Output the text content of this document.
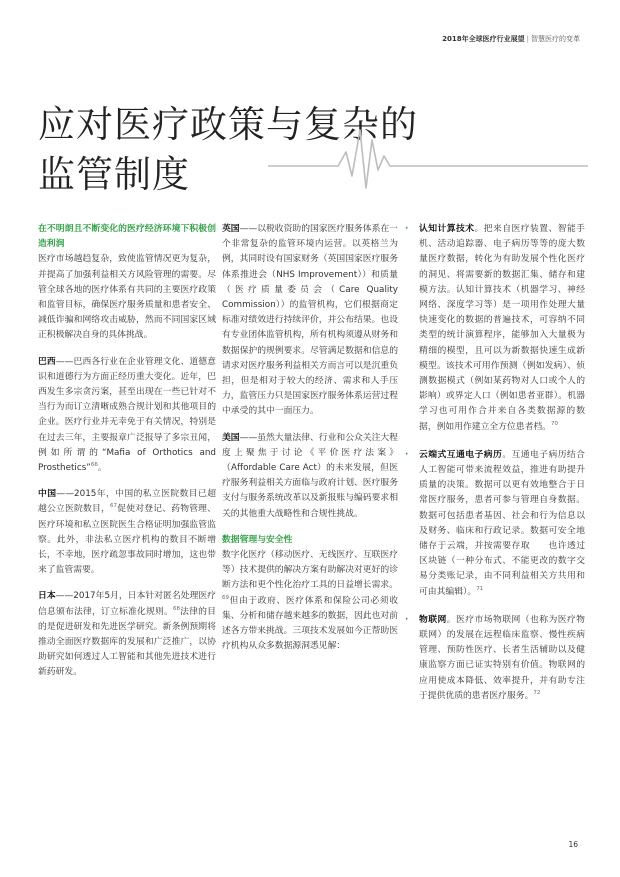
2018年全球医疗行业展望 | 智慧医疗的变革
应对医疗政策与复杂的
监管制度

在不明朗且不断变化的医疗经济环境下积极创造利润

医疗市场越趋复杂，致使监管情况更为复杂，并提高了加强利益相关方风险管理的需要。尽管全球各地的医疗体系有共同的主要医疗政策和监管目标，确保医疗服务质量和患者安全、减低诈骗和网络攻击威胁，然而不同国家区域正积极解决自身的具体挑战。

巴西——巴西各行业在企业管理文化、道德意识和道德行为方面正经历重大变化。近年，巴西发生多宗贪污案，甚至出现在一些已针对不当行为而订立清晰成熟合规计划和其他项目的企业。医疗行业并无幸免于有关情况，特别是在过去三年，主要报章广泛报导了多宗丑闻，例如所谓的“Mafia of Orthotics and Prosthetics”$^{66}$。

中国——2015年，中国的私立医院数目已超越公立医院数目，$^{67}$促使对登记、药物管理、医疗环境和私立医院医生合格证明加强监管监察。此外，非法私立医疗机构的数目不断增长，不幸地，医疗疏忽事故同时增加，这也带来了监管需要。

日本——2017年5月，日本针对匿名处理医疗信息颁布法律，订立标准化规则。$^{68}$法律的目的是促进研发和先进医学研究。新条例预期将推动全面医疗数据库的发展和广泛推广，以协助研究如何透过人工智能和其他先进技术进行新药研发。

英国——以税收资助的国家医疗服务体系在一个非常复杂的监管环境内运营。以英格兰为例，其同时设有国家财务（英国国家医疗服务体系推进会（NHS Improvement））和质量（医疗质量委员会（Care Quality Commission））的监管机构，它们根据商定标准对绩效进行持续评价，并公布结果。也设有专业团体监管机构，所有机构须遵从财务和数据保护的规例要求。尽管满足数据和信息的请求对医疗服务利益相关方而言可以是沉重负担，但是相对于较大的经济、需求和人手压力，监管压力只是国家医疗服务体系运营过程中承受的其中一面压力。

美国——虽然大量法律、行业和公众关注大程度上聚焦于讨论《平价医疗法案》（Affordable Care Act）的未来发展，但医疗服务利益相关方面临与政府计划、医疗服务支付与服务系统改革以及新报账与编码要求相关的其他重大战略性和合规性挑战。

数据管理与安全性

数字化医疗（移动医疗、无线医疗、互联医疗等）技术提供的解决方案有助解决对更好的诊断方法和更个性化治疗工具的日益增长需求。$^{69}$但由于政府、医疗体系和保险公司必须收集、分析和储存越来越多的数据，因此也对前述各方带来挑战。三项技术发展如今正帮助医疗机构从众多数据源洞悉见解：

· 认知计算技术。把来自医疗装置、智能手机、活动追踪器、电子病历等等的庞大数量医疗数据，转化为有助发展个性化医疗的洞见、将需要新的数据汇集、储存和建模方法。认知计算技术（机器学习、神经网络、深度学习等）是一项用作处理大量快速变化的数据的普遍技术，可容纳不同类型的统计演算程序，能够加入大量极为精细的模型，且可以为新数据快速生成新模型。该技术可用作预测（例如发病）、侦测数据模式（例如某药物对人口或个人的影响）或界定人口（例如患者亚群）。机器学习也可用作合并来自各类数据源的数据，例如用作建立全方位患者档。$^{70}$

· 云端式互通电子病历。互通电子病历结合人工智能可带来流程效益，推进有助提升质量的决策。数据可以更有效地整合于日常医疗服务，患者可参与管理自身数据。数据可包括患者基因、社会和行为信息以及财务、临床和行政记录。数据可安全地储存于云端，并按需要存取　　也许透过区块链（一种分布式、不能更改的数字交易分类账记录，由不同利益相关方共用和可由其编辑）。$^{71}$

· 物联网。医疗市场物联网（也称为医疗物联网）的发展在远程临床监察、慢性疾病管理、预防性医疗、长者生活辅助以及健康监察方面已证实特别有价值。物联网的应用使成本降低、效率提升，并有助专注于提供优质的患者医疗服务。$^{72}$

16
